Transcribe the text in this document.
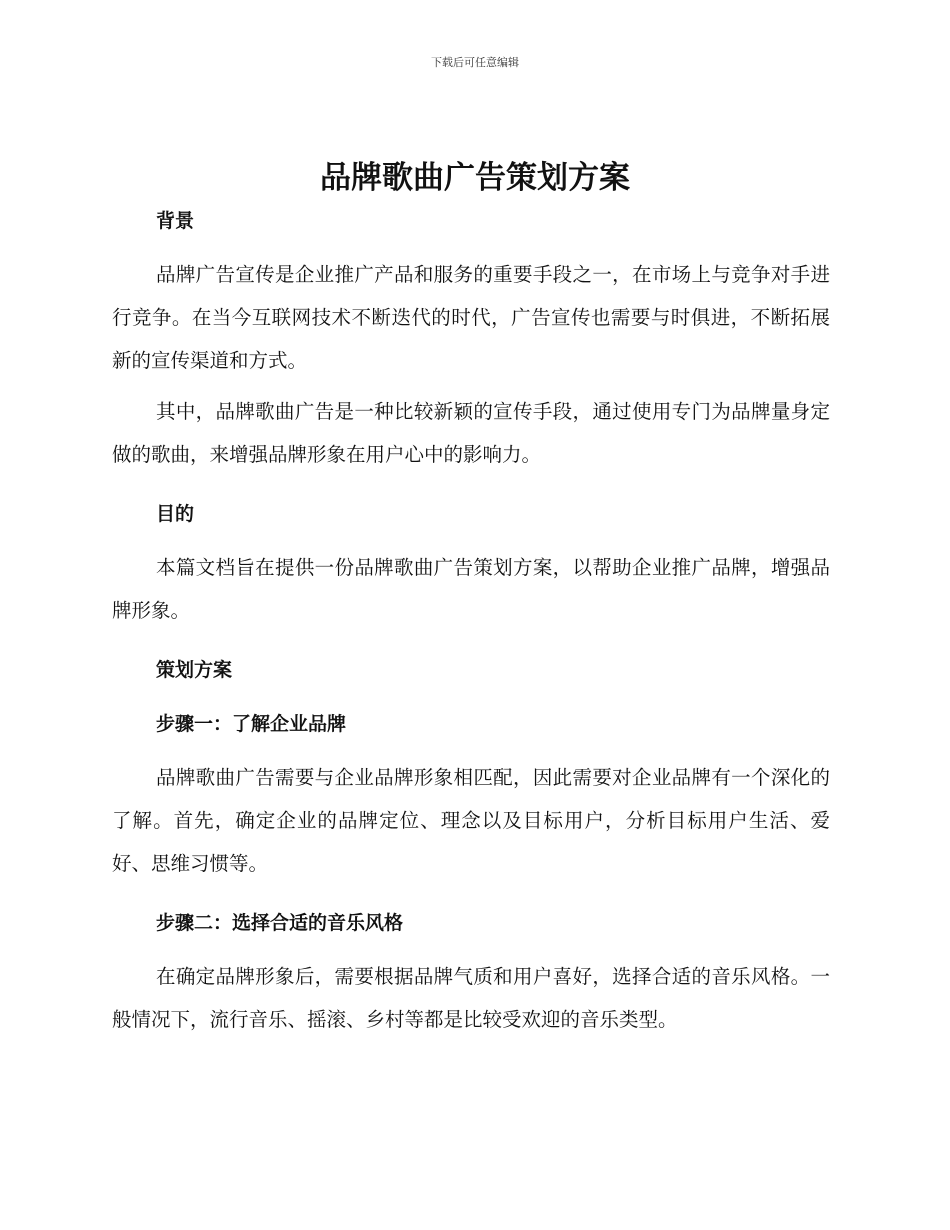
下载后可任意编辑
品牌歌曲广告策划方案
背景

品牌广告宣传是企业推广产品和服务的重要手段之一，在市场上与竞争对手进行竞争。在当今互联网技术不断迭代的时代，广告宣传也需要与时俱进，不断拓展新的宣传渠道和方式。

其中，品牌歌曲广告是一种比较新颖的宣传手段，通过使用专门为品牌量身定做的歌曲，来增强品牌形象在用户心中的影响力。

目的

本篇文档旨在提供一份品牌歌曲广告策划方案，以帮助企业推广品牌，增强品牌形象。

策划方案
步骤一：了解企业品牌

品牌歌曲广告需要与企业品牌形象相匹配，因此需要对企业品牌有一个深化的了解。首先，确定企业的品牌定位、理念以及目标用户，分析目标用户生活、爱好、思维习惯等。

步骤二：选择合适的音乐风格

在确定品牌形象后，需要根据品牌气质和用户喜好，选择合适的音乐风格。一般情况下，流行音乐、摇滚、乡村等都是比较受欢迎的音乐类型。
